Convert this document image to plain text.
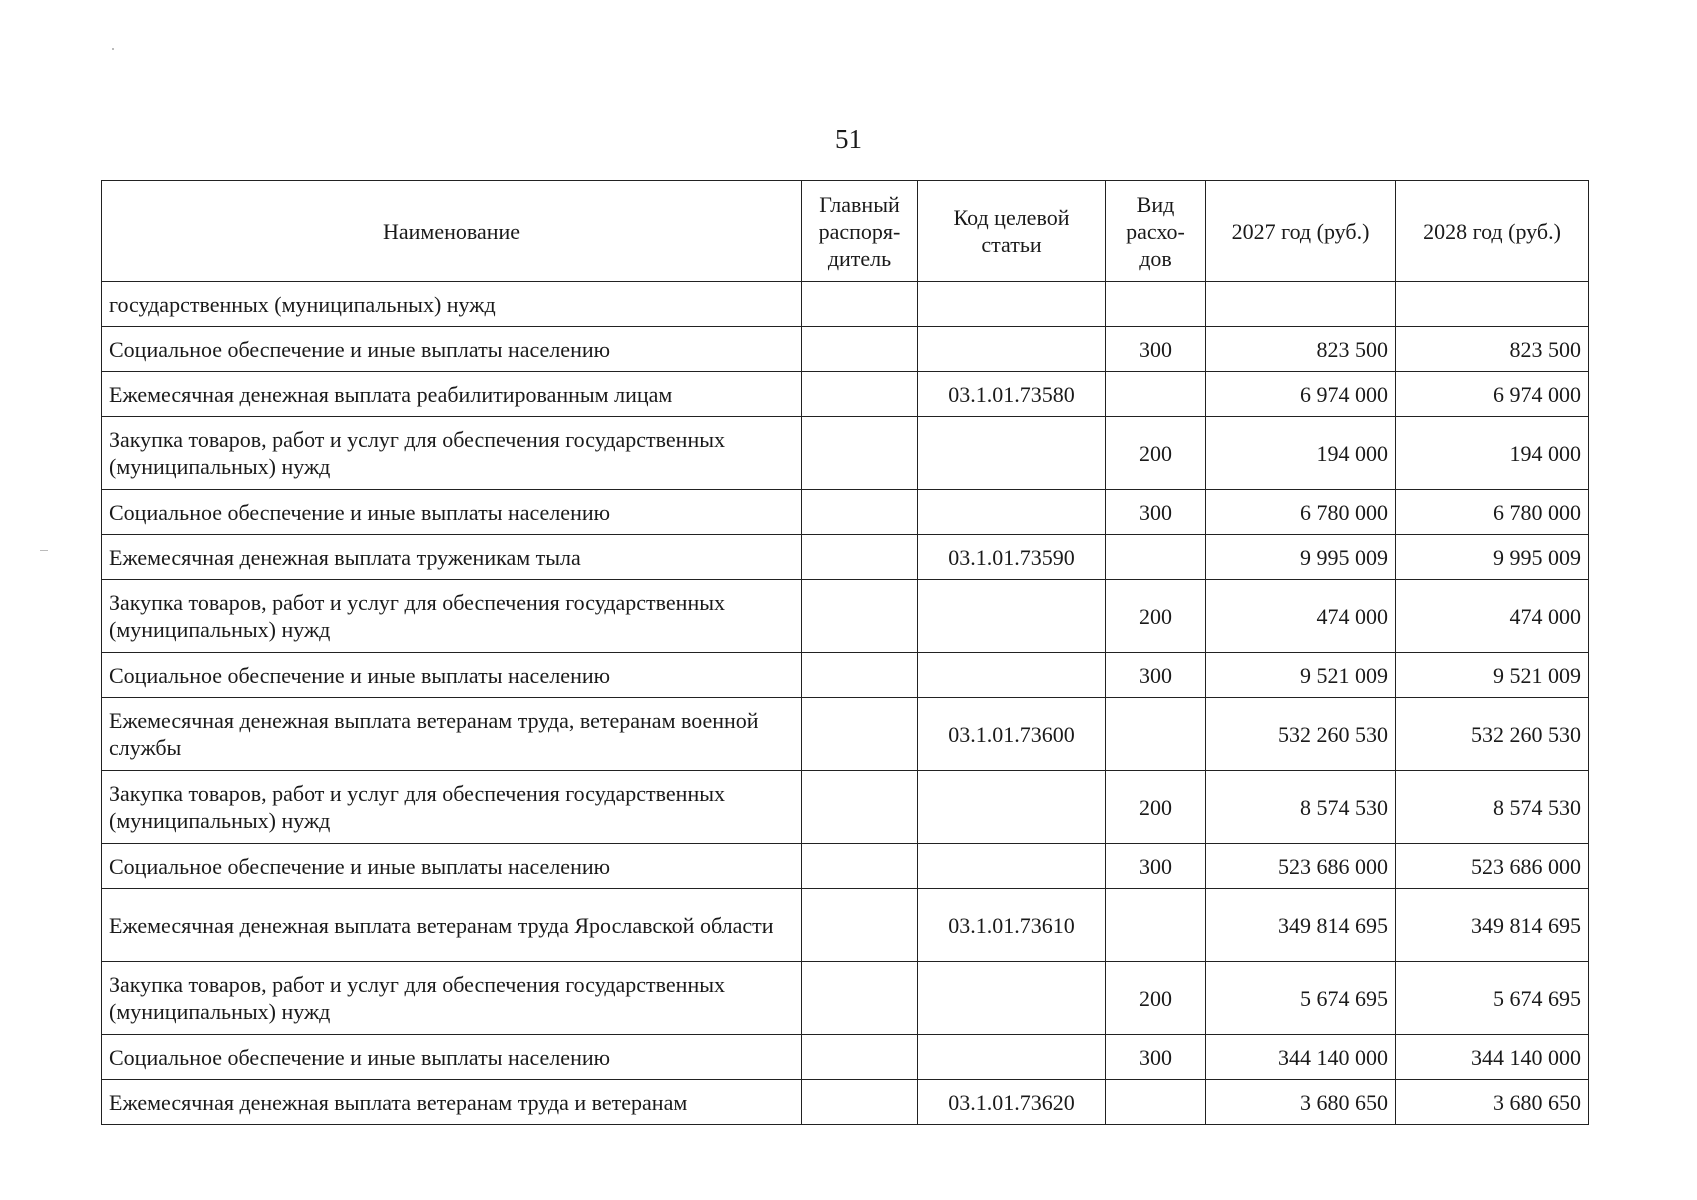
51
Наименование	Главный распоря-дитель	Код целевой статьи	Вид расхо-дов	2027 год (руб.)	2028 год (руб.)
государственных (муниципальных) нужд					
Социальное обеспечение и иные выплаты населению			300	823 500	823 500
Ежемесячная денежная выплата реабилитированным лицам		03.1.01.73580		6 974 000	6 974 000
Закупка товаров, работ и услуг для обеспечения государственных (муниципальных) нужд			200	194 000	194 000
Социальное обеспечение и иные выплаты населению			300	6 780 000	6 780 000
Ежемесячная денежная выплата труженикам тыла		03.1.01.73590		9 995 009	9 995 009
Закупка товаров, работ и услуг для обеспечения государственных (муниципальных) нужд			200	474 000	474 000
Социальное обеспечение и иные выплаты населению			300	9 521 009	9 521 009
Ежемесячная денежная выплата ветеранам труда, ветеранам военной службы		03.1.01.73600		532 260 530	532 260 530
Закупка товаров, работ и услуг для обеспечения государственных (муниципальных) нужд			200	8 574 530	8 574 530
Социальное обеспечение и иные выплаты населению			300	523 686 000	523 686 000
Ежемесячная денежная выплата ветеранам труда Ярославской области		03.1.01.73610		349 814 695	349 814 695
Закупка товаров, работ и услуг для обеспечения государственных (муниципальных) нужд			200	5 674 695	5 674 695
Социальное обеспечение и иные выплаты населению			300	344 140 000	344 140 000
Ежемесячная денежная выплата ветеранам труда и ветеранам		03.1.01.73620		3 680 650	3 680 650
